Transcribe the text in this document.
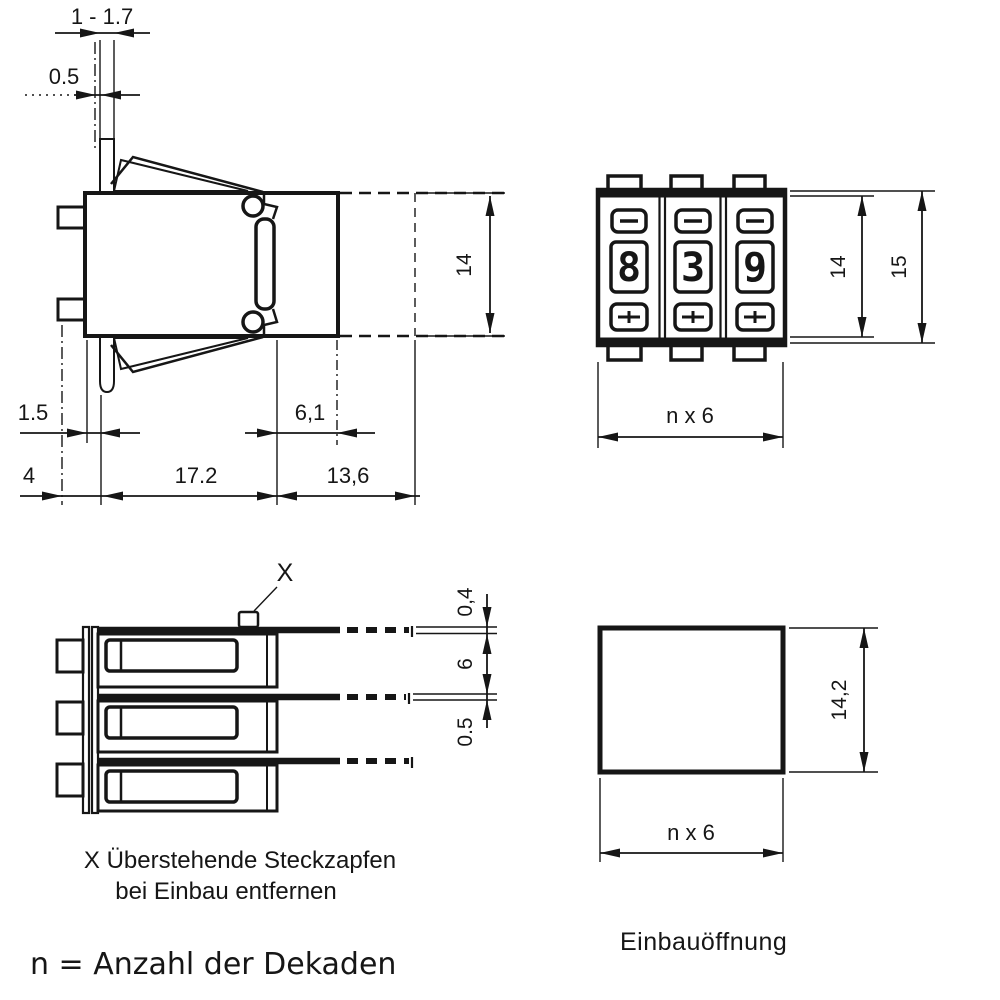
1 - 1.7
0.5
14
1.5	6,1
4	17.2	13,6
8 3 9	14 15
n x 6
X
0,4
6
0.5
14,2
n x 6
Einbauöffnung
X Überstehende Steckzapfen
bei Einbau entfernen
n = Anzahl der Dekaden
